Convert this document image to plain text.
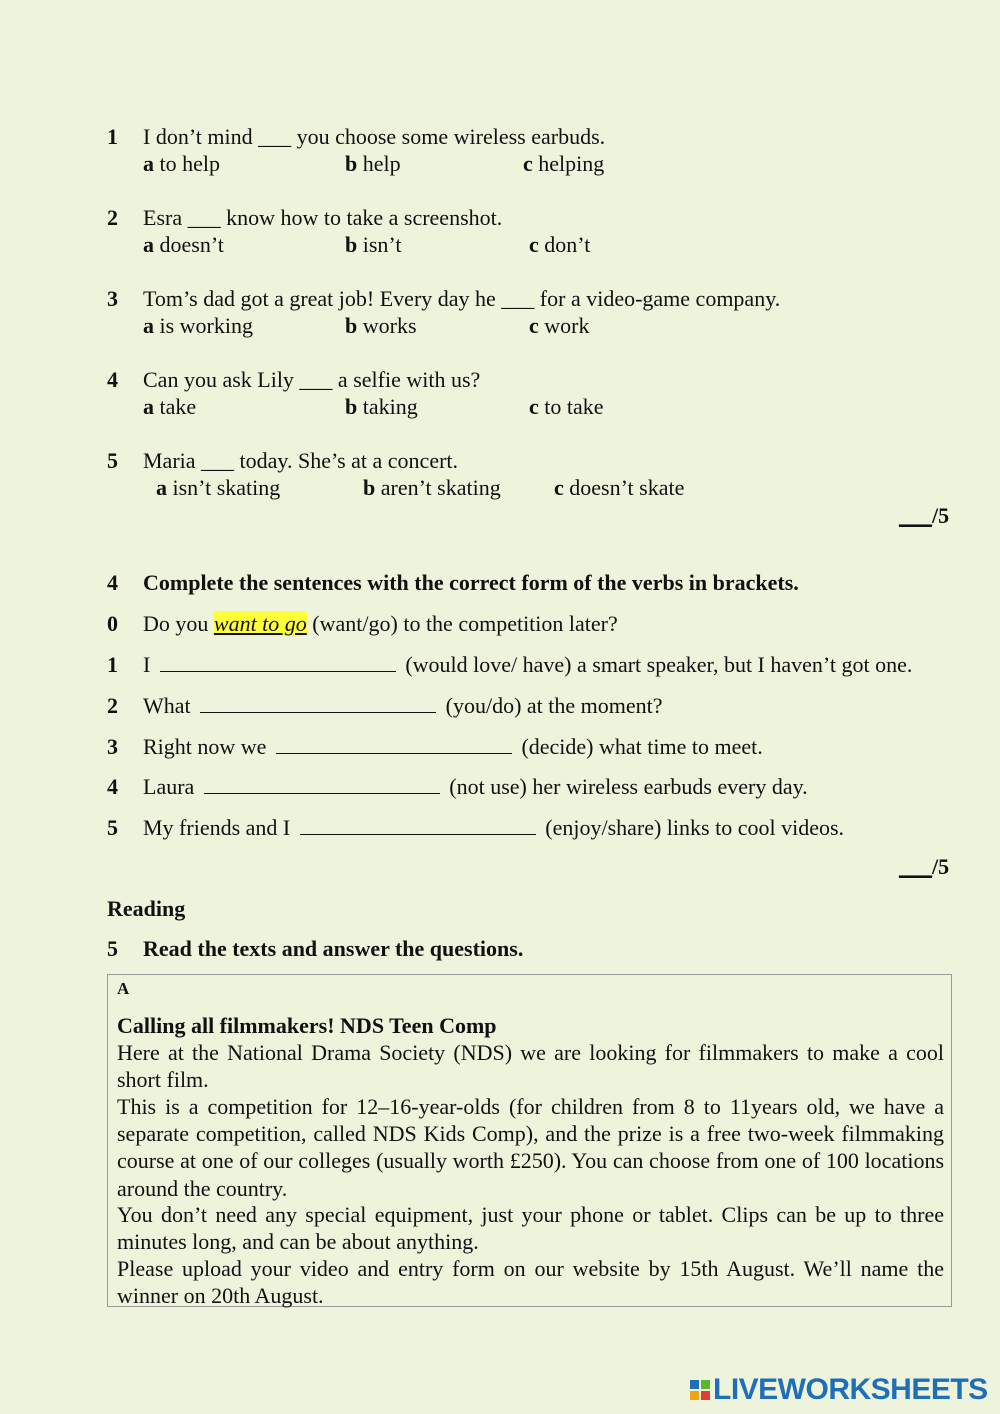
1 I don’t mind ___ you choose some wireless earbuds.
a to help	b help	c helping
2 Esra ___ know how to take a screenshot.
a doesn’t	b isn’t	c don’t
3 Tom’s dad got a great job! Every day he ___ for a video-game company.
a is working	b works	c work
4 Can you ask Lily ___ a selfie with us?
a take	b taking	c to take
5 Maria ___ today. She’s at a concert.
a isn’t skating	b aren’t skating c doesn’t skate
___/5
4 Complete the sentences with the correct form of the verbs in brackets.
0 Do you want to go (want/go) to the competition later?
1 I	(would love/ have) a smart speaker, but I haven’t got one.
2 What	(you/do) at the moment?
3 Right now we	(decide) what time to meet.
4 Laura	(not use) her wireless earbuds every day.
5 My friends and I	(enjoy/share) links to cool videos.
___/5
Reading
5 Read the texts and answer the questions.
A
Calling all filmmakers! NDS Teen Comp
Here at the National Drama Society (NDS) we are looking for filmmakers to make a cool short film.
This is a competition for 12–16-year-olds (for children from 8 to 11years old, we have a separate competition, called NDS Kids Comp), and the prize is a free two-week filmmaking course at one of our colleges (usually worth £250). You can choose from one of 100 locations around the country.
You don’t need any special equipment, just your phone or tablet. Clips can be up to three minutes long, and can be about anything.
Please upload your video and entry form on our website by 15th August. We’ll name the winner on 20th August.
LIVEWORKSHEETS
